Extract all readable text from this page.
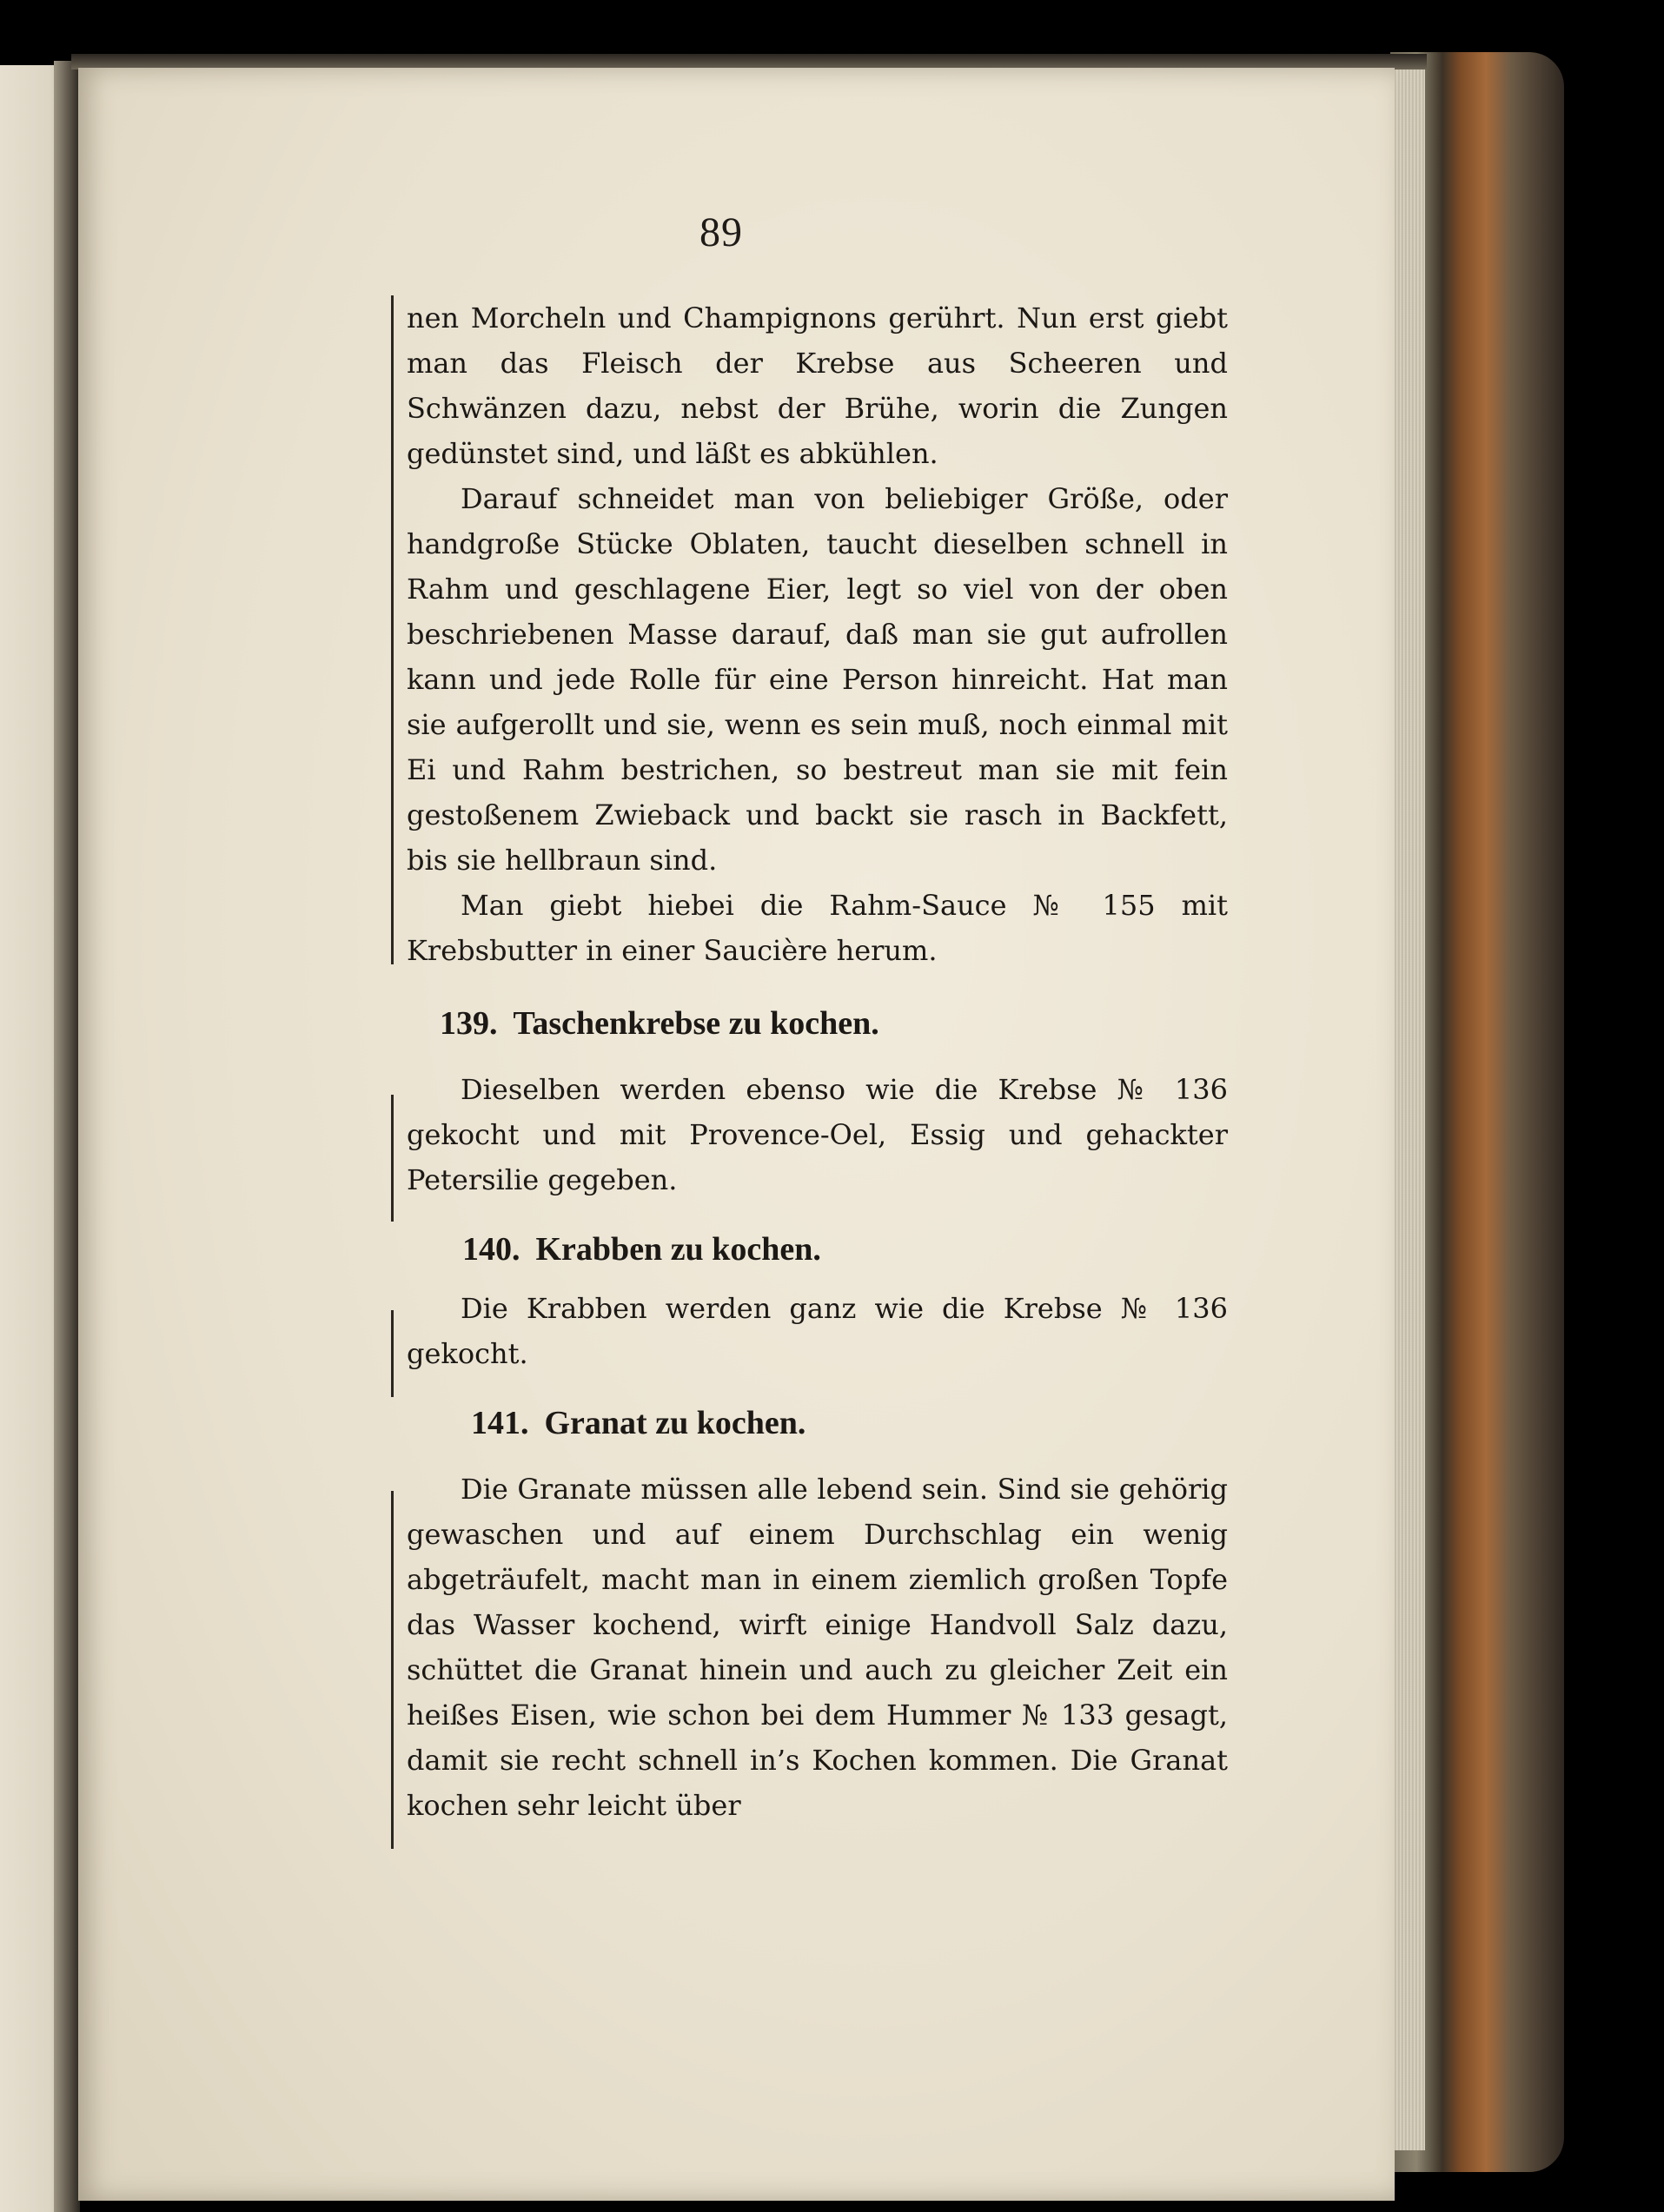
89

nen Morcheln und Champignons gerührt. Nun erst giebt man das Fleisch der Krebse aus Scheeren und Schwänzen dazu, nebst der Brühe, worin die Zungen gedünstet sind, und läßt es abkühlen.

Darauf schneidet man von beliebiger Größe, oder handgroße Stücke Oblaten, taucht dieselben schnell in Rahm und geschlagene Eier, legt so viel von der oben beschriebenen Masse darauf, daß man sie gut aufrollen kann und jede Rolle für eine Person hinreicht. Hat man sie aufgerollt und sie, wenn es sein muß, noch einmal mit Ei und Rahm bestrichen, so bestreut man sie mit fein gestoßenem Zwieback und backt sie rasch in Backfett, bis sie hellbraun sind.

Man giebt hiebei die Rahm-Sauce № 155 mit Krebsbutter in einer Saucière herum.

139. Taschenkrebse zu kochen.

Dieselben werden ebenso wie die Krebse № 136 gekocht und mit Provence-Oel, Essig und gehackter Petersilie gegeben.

140. Krabben zu kochen.

Die Krabben werden ganz wie die Krebse № 136 gekocht.

141. Granat zu kochen.

Die Granate müssen alle lebend sein. Sind sie gehörig gewaschen und auf einem Durchschlag ein wenig abgeträufelt, macht man in einem ziemlich großen Topfe das Wasser kochend, wirft einige Handvoll Salz dazu, schüttet die Granat hinein und auch zu gleicher Zeit ein heißes Eisen, wie schon bei dem Hummer № 133 gesagt, damit sie recht schnell in’s Kochen kommen. Die Granat kochen sehr leicht über
